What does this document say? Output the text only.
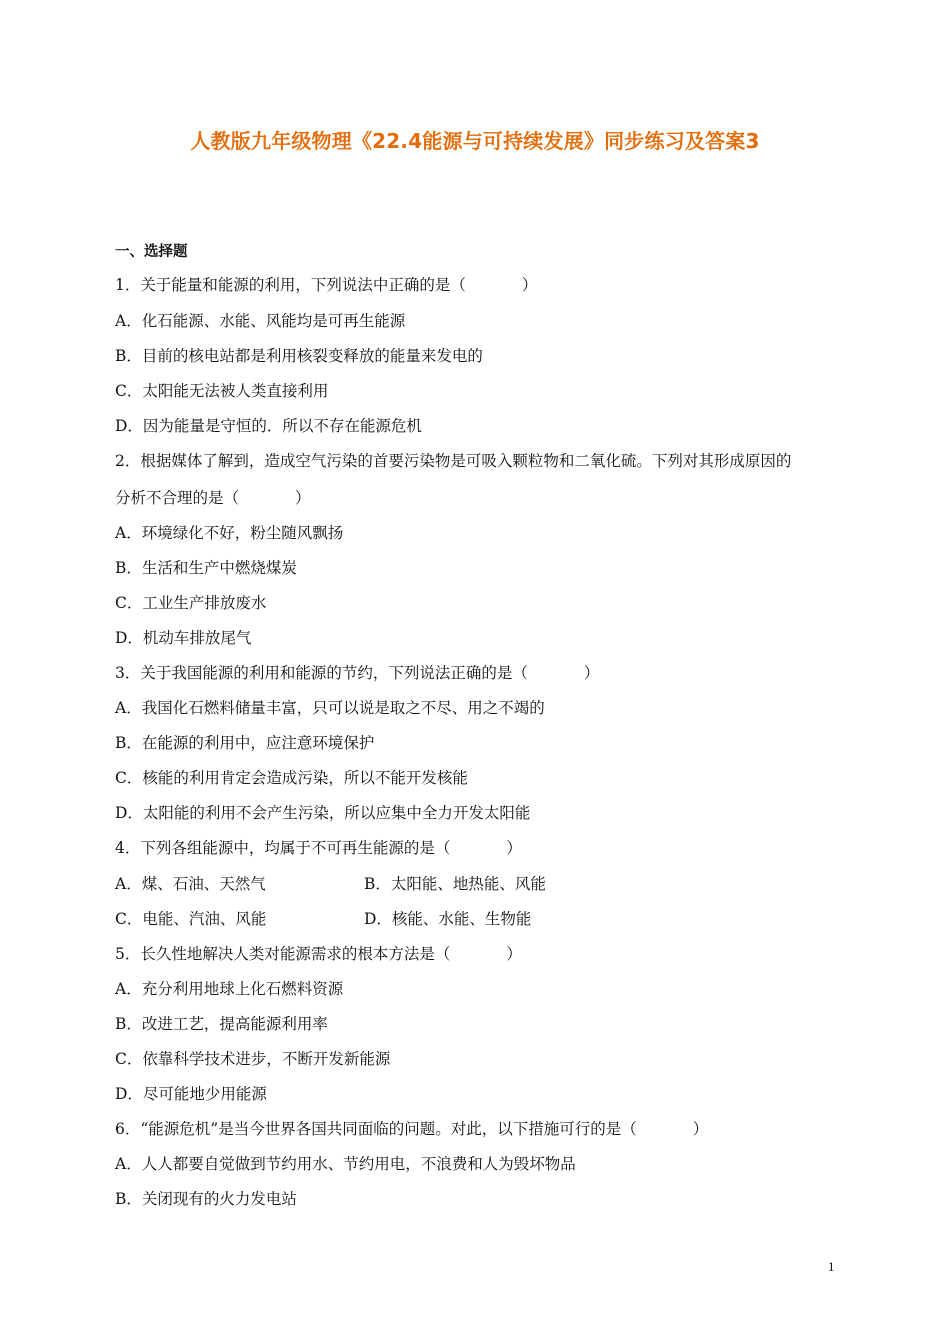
人教版九年级物理《22.4能源与可持续发展》同步练习及答案3
一、选择题
1．关于能量和能源的利用，下列说法中正确的是（	）
A．化石能源、水能、风能均是可再生能源
B．目前的核电站都是利用核裂变释放的能量来发电的
C．太阳能无法被人类直接利用
D．因为能量是守恒的．所以不存在能源危机
2．根据媒体了解到，造成空气污染的首要污染物是可吸入颗粒物和二氧化硫。下列对其形成原因的
分析不合理的是（	）
A．环境绿化不好，粉尘随风飘扬
B．生活和生产中燃烧煤炭
C．工业生产排放废水
D．机动车排放尾气
3．关于我国能源的利用和能源的节约，下列说法正确的是（	）
A．我国化石燃料储量丰富，只可以说是取之不尽、用之不竭的
B．在能源的利用中，应注意环境保护
C．核能的利用肯定会造成污染，所以不能开发核能
D．太阳能的利用不会产生污染，所以应集中全力开发太阳能
4．下列各组能源中，均属于不可再生能源的是（	）
A．煤、石油、天然气	B．太阳能、地热能、风能
C．电能、汽油、风能	D．核能、水能、生物能
5．长久性地解决人类对能源需求的根本方法是（	）
A．充分利用地球上化石燃料资源
B．改进工艺，提高能源利用率
C．依靠科学技术进步，不断开发新能源
D．尽可能地少用能源
6．“能源危机”是当今世界各国共同面临的问题。对此，以下措施可行的是（	）
A．人人都要自觉做到节约用水、节约用电，不浪费和人为毁坏物品
B．关闭现有的火力发电站
1
